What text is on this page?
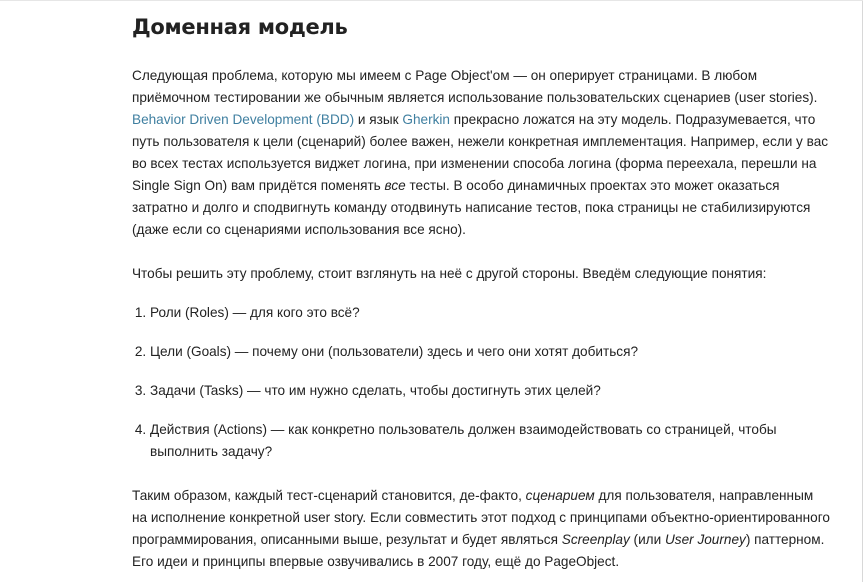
Доменная модель

Следующая проблема, которую мы имеем с Page Object'ом — он оперирует страницами. В любом приёмочном тестировании же обычным является использование пользовательских сценариев (user stories). Behavior Driven Development (BDD) и язык Gherkin прекрасно ложатся на эту модель. Подразумевается, что путь пользователя к цели (сценарий) более важен, нежели конкретная имплементация. Например, если у вас во всех тестах используется виджет логина, при изменении способа логина (форма переехала, перешли на Single Sign On) вам придётся поменять все тесты. В особо динамичных проектах это может оказаться затратно и долго и сподвигнуть команду отодвинуть написание тестов, пока страницы не стабилизируются (даже если со сценариями использования все ясно).

Чтобы решить эту проблему, стоит взглянуть на неё с другой стороны. Введём следующие понятия:

1. Роли (Roles) — для кого это всё?
2. Цели (Goals) — почему они (пользователи) здесь и чего они хотят добиться?
3. Задачи (Tasks) — что им нужно сделать, чтобы достигнуть этих целей?
4. Действия (Actions) — как конкретно пользователь должен взаимодействовать со страницей, чтобы выполнить задачу?

Таким образом, каждый тест-сценарий становится, де-факто, сценарием для пользователя, направленным на исполнение конкретной user story. Если совместить этот подход с принципами объектно-ориентированного программирования, описанными выше, результат и будет являться Screenplay (или User Journey) паттерном. Его идеи и принципы впервые озвучивались в 2007 году, ещё до PageObject.
